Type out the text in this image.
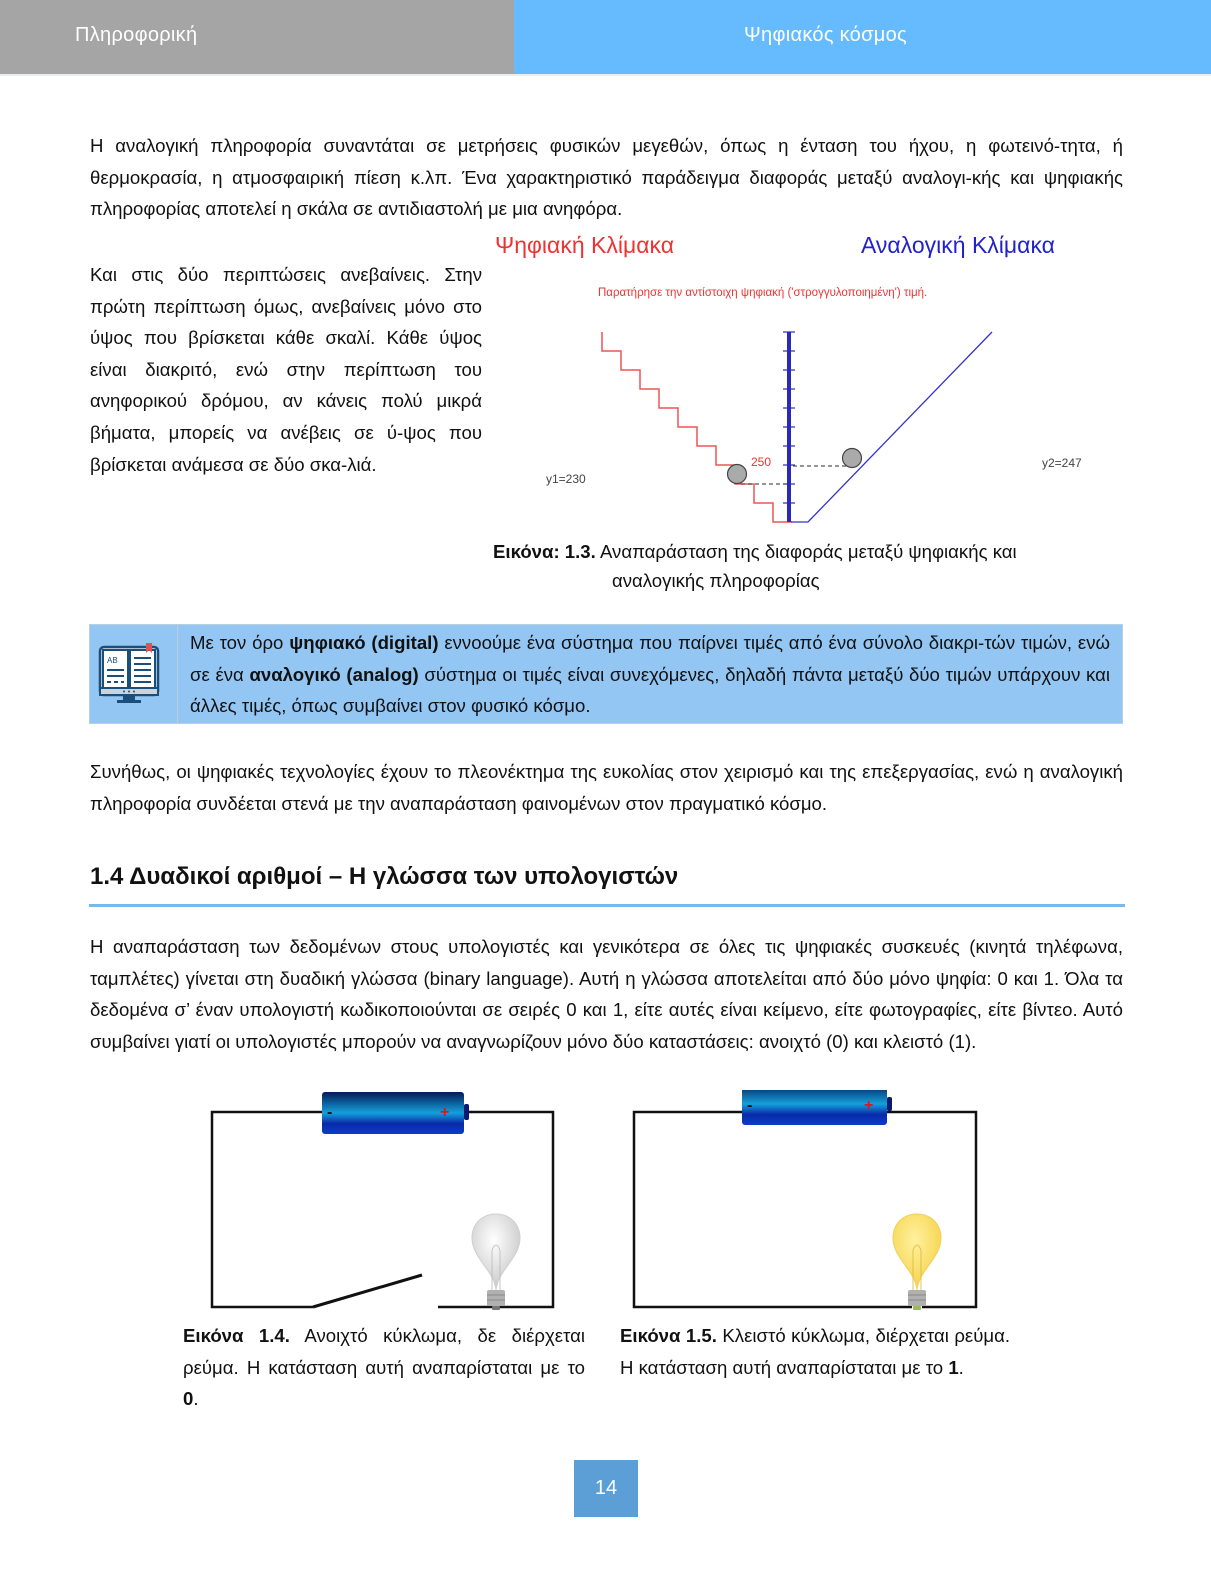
Πληροφορική	Ψηφιακός κόσμος
Η αναλογική πληροφορία συναντάται σε μετρήσεις φυσικών μεγεθών, όπως η ένταση του ήχου, η φωτεινό-τητα, ή θερμοκρασία, η ατμοσφαιρική πίεση κ.λπ. Ένα χαρακτηριστικό παράδειγμα διαφοράς μεταξύ αναλογι-κής και ψηφιακής πληροφορίας αποτελεί η σκάλα σε αντιδιαστολή με μια ανηφόρα.
Και στις δύο περιπτώσεις ανεβαίνεις. Στην πρώτη περίπτωση όμως, ανεβαίνεις μόνο στο ύψος που βρίσκεται κάθε σκαλί. Κάθε ύψος είναι διακριτό, ενώ στην περίπτωση του ανηφορικού δρόμου, αν κάνεις πολύ μικρά βήματα, μπορείς να ανέβεις σε ύ-ψος που βρίσκεται ανάμεσα σε δύο σκα-λιά.
Ψηφιακή Κλίμακα	Αναλογική Κλίμακα
Παρατήρησε την αντίστοιχη ψηφιακή ('στρογγυλοποιημένη') τιμή.
250
y1=230
y2=247
Εικόνα: 1.3. Αναπαράσταση της διαφοράς μεταξύ ψηφιακής και
αναλογικής πληροφορίας
AB
Με τον όρο ψηφιακό (digital) εννοούμε ένα σύστημα που παίρνει τιμές από ένα σύνολο διακρι-τών τιμών, ενώ σε ένα αναλογικό (analog) σύστημα οι τιμές είναι συνεχόμενες, δηλαδή πάντα μεταξύ δύο τιμών υπάρχουν και άλλες τιμές, όπως συμβαίνει στον φυσικό κόσμο.
Συνήθως, οι ψηφιακές τεχνολογίες έχουν το πλεονέκτημα της ευκολίας στον χειρισμό και της επεξεργασίας, ενώ η αναλογική πληροφορία συνδέεται στενά με την αναπαράσταση φαινομένων στον πραγματικό κόσμο.
1.4 Δυαδικοί αριθμοί – Η γλώσσα των υπολογιστών
Η αναπαράσταση των δεδομένων στους υπολογιστές και γενικότερα σε όλες τις ψηφιακές συσκευές (κινητά τηλέφωνα, ταμπλέτες) γίνεται στη δυαδική γλώσσα (binary language). Αυτή η γλώσσα αποτελείται από δύο μόνο ψηφία: 0 και 1. Όλα τα δεδομένα σ’ έναν υπολογιστή κωδικοποιούνται σε σειρές 0 και 1, είτε αυτές είναι κείμενο, είτε φωτογραφίες, είτε βίντεο. Αυτό συμβαίνει γιατί οι υπολογιστές μπορούν να αναγνωρίζουν μόνο δύο καταστάσεις: ανοιχτό (0) και κλειστό (1).
-	+
Εικόνα 1.4. Ανοιχτό κύκλωμα, δε διέρχεται ρεύμα. Η κατάσταση αυτή αναπαρίσταται με το 0.
-	+
Εικόνα 1.5. Κλειστό κύκλωμα, διέρχεται ρεύμα. Η κατάσταση αυτή αναπαρίσταται με το 1.
14
